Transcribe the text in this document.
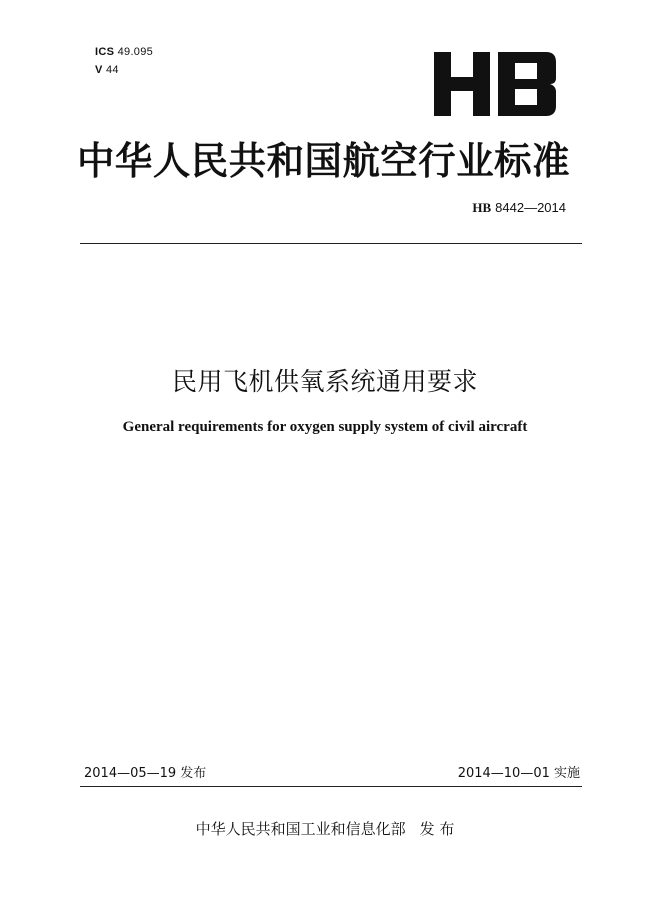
ICS 49.095
V 44
中华人民共和国航空行业标准
HB 8442—2014
民用飞机供氧系统通用要求
General requirements for oxygen supply system of civil aircraft
2014—05—19 发布	2014—10—01 实施
中华人民共和国工业和信息化部 发 布
